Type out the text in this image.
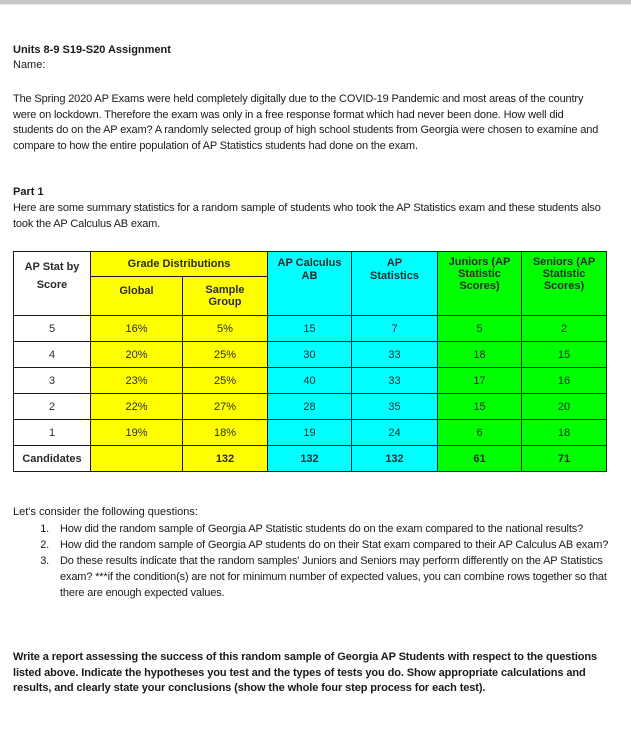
Units 8-9 S19-S20 Assignment
Name:
The Spring 2020 AP Exams were held completely digitally due to the COVID-19 Pandemic and most areas of the country were on lockdown. Therefore the exam was only in a free response format which had never been done. How well did students do on the AP exam? A randomly selected group of high school students from Georgia were chosen to examine and compare to how the entire population of AP Statistics students had done on the exam.
Part 1
Here are some summary statistics for a random sample of students who took the AP Statistics exam and these students also took the AP Calculus AB exam.
Let's consider the following questions:
1. How did the random sample of Georgia AP Statistic students do on the exam compared to the national results?
2. How did the random sample of Georgia AP students do on their Stat exam compared to their AP Calculus AB exam?
3. Do these results indicate that the random samples' Juniors and Seniors may perform differently on the AP Statistics exam? ***if the condition(s) are not for minimum number of expected values, you can combine rows together so that there are enough expected values.
Write a report assessing the success of this random sample of Georgia AP Students with respect to the questions listed above. Indicate the hypotheses you test and the types of tests you do. Show appropriate calculations and results, and clearly state your conclusions (show the whole four step process for each test).
AP Stat by Score	Grade Distributions		AP Calculus AB	AP Statistics	Juniors (AP Statistic Scores)	Seniors (AP Statistic Scores)
	Global	Sample Group				
5	16%	5%	15	7	5	2
4	20%	25%	30	33	18	15
3	23%	25%	40	33	17	16
2	22%	27%	28	35	15	20
1	19%	18%	19	24	6	18
Candidates		132	132	132	61	71
